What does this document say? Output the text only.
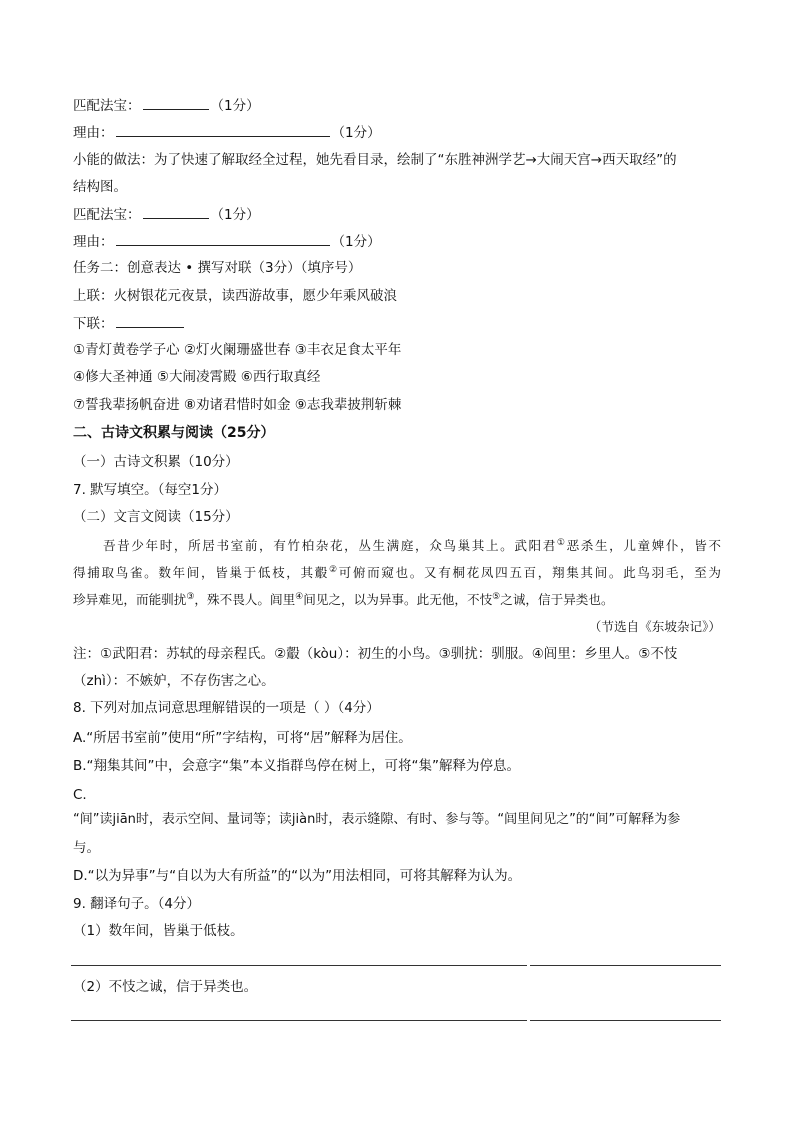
匹配法宝：	（1分）
理由：	（1分）
小能的做法：为了快速了解取经全过程，她先看目录，绘制了“东胜神洲学艺→大闹天宫→西天取经”的
结构图。
匹配法宝：	（1分）
理由：	（1分）
任务二：创意表达 • 撰写对联（3分）（填序号）
上联：火树银花元夜景，读西游故事，愿少年乘风破浪
下联：
①青灯黄卷学子心 ②灯火阑珊盛世春 ③丰衣足食太平年
④修大圣神通 ⑤大闹凌霄殿 ⑥西行取真经
⑦誓我辈扬帆奋进 ⑧劝诸君惜时如金 ⑨志我辈披荆斩棘
二、古诗文积累与阅读（25分）
（一）古诗文积累（10分）
7. 默写填空。（每空1分）
（二）文言文阅读（15分）
吾昔少年时，所居书室前，有竹柏杂花，丛生满庭，众鸟巢其上。武阳君①恶杀生，儿童婢仆，皆不
得捕取鸟雀。数年间，皆巢于低枝，其鷇②可俯而窥也。又有桐花凤四五百，翔集其间。此鸟羽毛，至为
珍异难见，而能驯扰③，殊不畏人。闾里④间见之，以为异事。此无他，不忮⑤之诚，信于异类也。
（节选自《东坡杂记》）
注：①武阳君：苏轼的母亲程氏。②鷇（kòu）：初生的小鸟。③驯扰：驯服。④闾里：乡里人。⑤不忮
（zhì）：不嫉妒，不存伤害之心。
8. 下列对加点词意思理解错误的一项是（ ）（4分）
A.“所居书室前”使用“所”字结构，可将“居”解释为居住。
B.“翔集其间”中，会意字“集”本义指群鸟停在树上，可将“集”解释为停息。
C.
“间”读jiān时，表示空间、量词等；读jiàn时，表示缝隙、有时、参与等。“闾里间见之”的“间”可解释为参
与。
D.“以为异事”与“自以为大有所益”的“以为”用法相同，可将其解释为认为。
9. 翻译句子。（4分）
（1）数年间，皆巢于低枝。
（2）不忮之诚，信于异类也。
